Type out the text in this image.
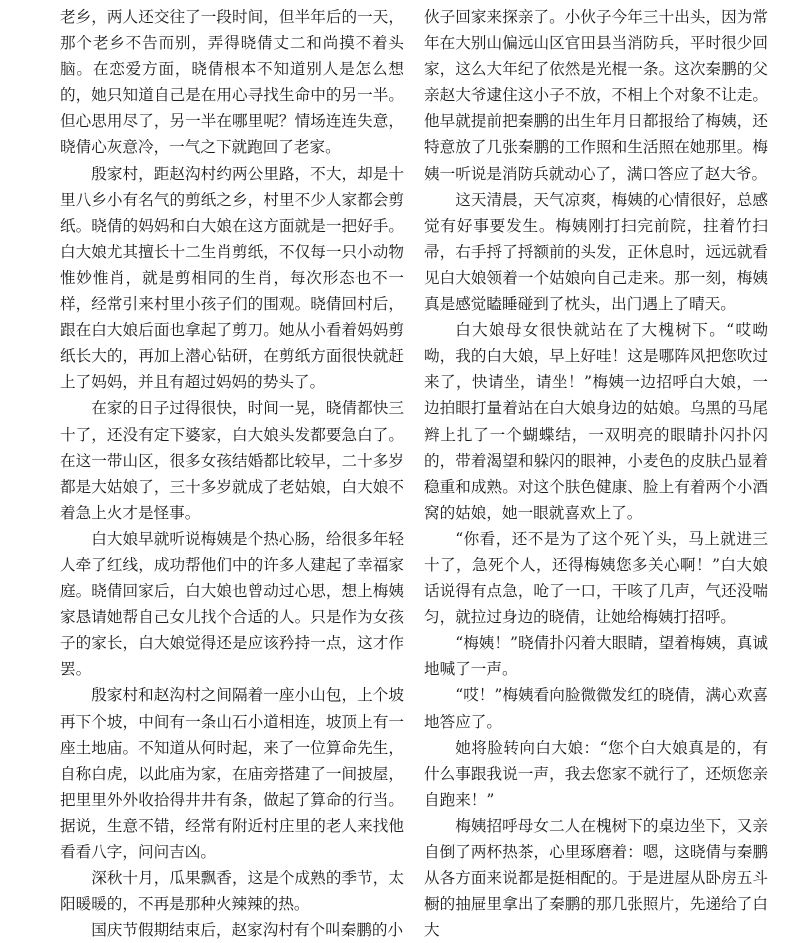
老乡，两人还交往了一段时间，但半年后的一天，那个老乡不告而别，弄得晓倩丈二和尚摸不着头脑。在恋爱方面，晓倩根本不知道别人是怎么想的，她只知道自己是在用心寻找生命中的另一半。但心思用尽了，另一半在哪里呢？情场连连失意，晓倩心灰意冷，一气之下就跑回了老家。

殷家村，距赵沟村约两公里路，不大，却是十里八乡小有名气的剪纸之乡，村里不少人家都会剪纸。晓倩的妈妈和白大娘在这方面就是一把好手。白大娘尤其擅长十二生肖剪纸，不仅每一只小动物惟妙惟肖，就是剪相同的生肖，每次形态也不一样，经常引来村里小孩子们的围观。晓倩回村后，跟在白大娘后面也拿起了剪刀。她从小看着妈妈剪纸长大的，再加上潜心钻研，在剪纸方面很快就赶上了妈妈，并且有超过妈妈的势头了。

在家的日子过得很快，时间一晃，晓倩都快三十了，还没有定下婆家，白大娘头发都要急白了。在这一带山区，很多女孩结婚都比较早，二十多岁都是大姑娘了，三十多岁就成了老姑娘，白大娘不着急上火才是怪事。

白大娘早就听说梅姨是个热心肠，给很多年轻人牵了红线，成功帮他们中的许多人建起了幸福家庭。晓倩回家后，白大娘也曾动过心思，想上梅姨家恳请她帮自己女儿找个合适的人。只是作为女孩子的家长，白大娘觉得还是应该矜持一点，这才作罢。

殷家村和赵沟村之间隔着一座小山包，上个坡再下个坡，中间有一条山石小道相连，坡顶上有一座土地庙。不知道从何时起，来了一位算命先生，自称白虎，以此庙为家，在庙旁搭建了一间披屋，把里里外外收拾得井井有条，做起了算命的行当。据说，生意不错，经常有附近村庄里的老人来找他看看八字，问问吉凶。

深秋十月，瓜果飘香，这是个成熟的季节，太阳暖暖的，不再是那种火辣辣的热。

国庆节假期结束后，赵家沟村有个叫秦鹏的小

伙子回家来探亲了。小伙子今年三十出头，因为常年在大别山偏远山区官田县当消防兵，平时很少回家，这么大年纪了依然是光棍一条。这次秦鹏的父亲赵大爷逮住这小子不放，不相上个对象不让走。他早就提前把秦鹏的出生年月日都报给了梅姨，还特意放了几张秦鹏的工作照和生活照在她那里。梅姨一听说是消防兵就动心了，满口答应了赵大爷。

这天清晨，天气凉爽，梅姨的心情很好，总感觉有好事要发生。梅姨刚打扫完前院，拄着竹扫帚，右手捋了捋额前的头发，正休息时，远远就看见白大娘领着一个姑娘向自己走来。那一刻，梅姨真是感觉瞌睡碰到了枕头，出门遇上了晴天。

白大娘母女很快就站在了大槐树下。“哎呦呦，我的白大娘，早上好哇！这是哪阵风把您吹过来了，快请坐，请坐！”梅姨一边招呼白大娘，一边拍眼打量着站在白大娘身边的姑娘。乌黑的马尾辫上扎了一个蝴蝶结，一双明亮的眼睛扑闪扑闪的，带着渴望和躲闪的眼神，小麦色的皮肤凸显着稳重和成熟。对这个肤色健康、脸上有着两个小酒窝的姑娘，她一眼就喜欢上了。

“你看，还不是为了这个死丫头，马上就进三十了，急死个人，还得梅姨您多关心啊！”白大娘话说得有点急，呛了一口，干咳了几声，气还没喘匀，就拉过身边的晓倩，让她给梅姨打招呼。

“梅姨！”晓倩扑闪着大眼睛，望着梅姨，真诚地喊了一声。

“哎！”梅姨看向脸微微发红的晓倩，满心欢喜地答应了。

她将脸转向白大娘：“您个白大娘真是的，有什么事跟我说一声，我去您家不就行了，还烦您亲自跑来！”

梅姨招呼母女二人在槐树下的桌边坐下，又亲自倒了两杯热茶，心里琢磨着：嗯，这晓倩与秦鹏从各方面来说都是挺相配的。于是进屋从卧房五斗橱的抽屉里拿出了秦鹏的那几张照片，先递给了白大
